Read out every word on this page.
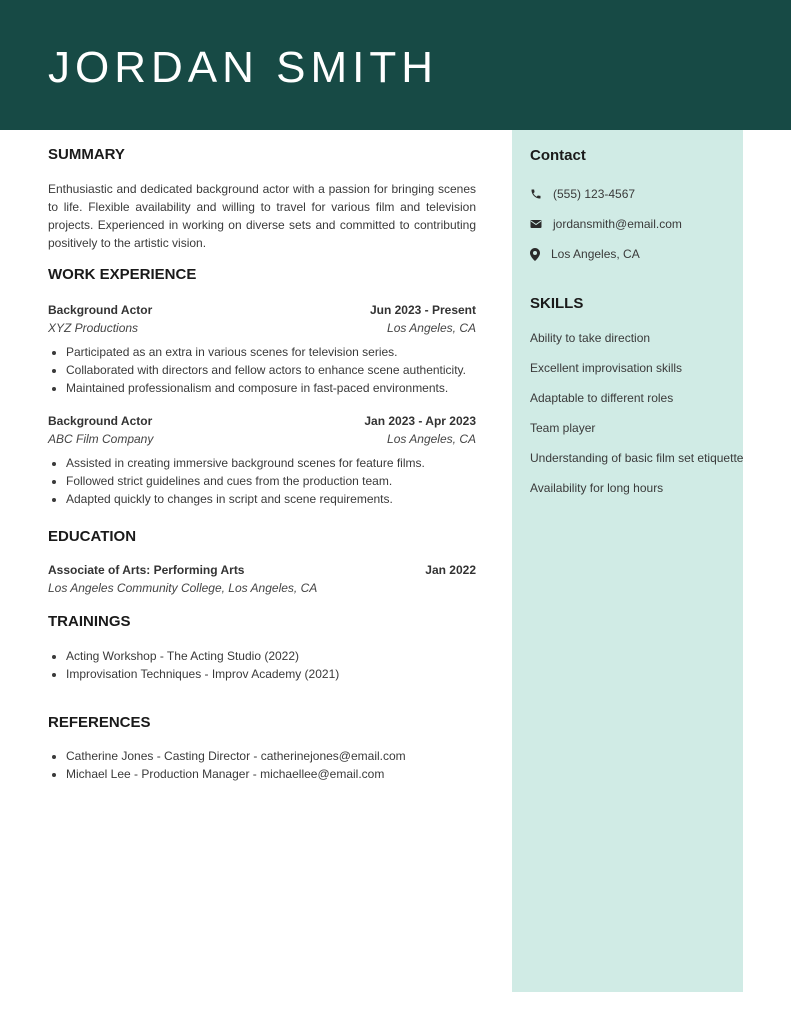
JORDAN SMITH
Contact
(555) 123-4567
jordansmith@email.com
Los Angeles, CA
SKILLS
Ability to take direction
Excellent improvisation skills
Adaptable to different roles
Team player
Understanding of basic film set etiquette
Availability for long hours
SUMMARY

Enthusiastic and dedicated background actor with a passion for bringing scenes to life. Flexible availability and willing to travel for various film and television projects. Experienced in working on diverse sets and committed to contributing positively to the artistic vision.

WORK EXPERIENCE
Background Actor	Jun 2023 - Present
XYZ Productions	Los Angeles, CA
• Participated as an extra in various scenes for television series.
• Collaborated with directors and fellow actors to enhance scene authenticity.
• Maintained professionalism and composure in fast-paced environments.
Background Actor	Jan 2023 - Apr 2023
ABC Film Company	Los Angeles, CA
• Assisted in creating immersive background scenes for feature films.
• Followed strict guidelines and cues from the production team.
• Adapted quickly to changes in script and scene requirements.
EDUCATION
Associate of Arts: Performing Arts	Jan 2022
Los Angeles Community College, Los Angeles, CA
TRAININGS
• Acting Workshop - The Acting Studio (2022)
• Improvisation Techniques - Improv Academy (2021)
REFERENCES
• Catherine Jones - Casting Director - catherinejones@email.com
• Michael Lee - Production Manager - michaellee@email.com
